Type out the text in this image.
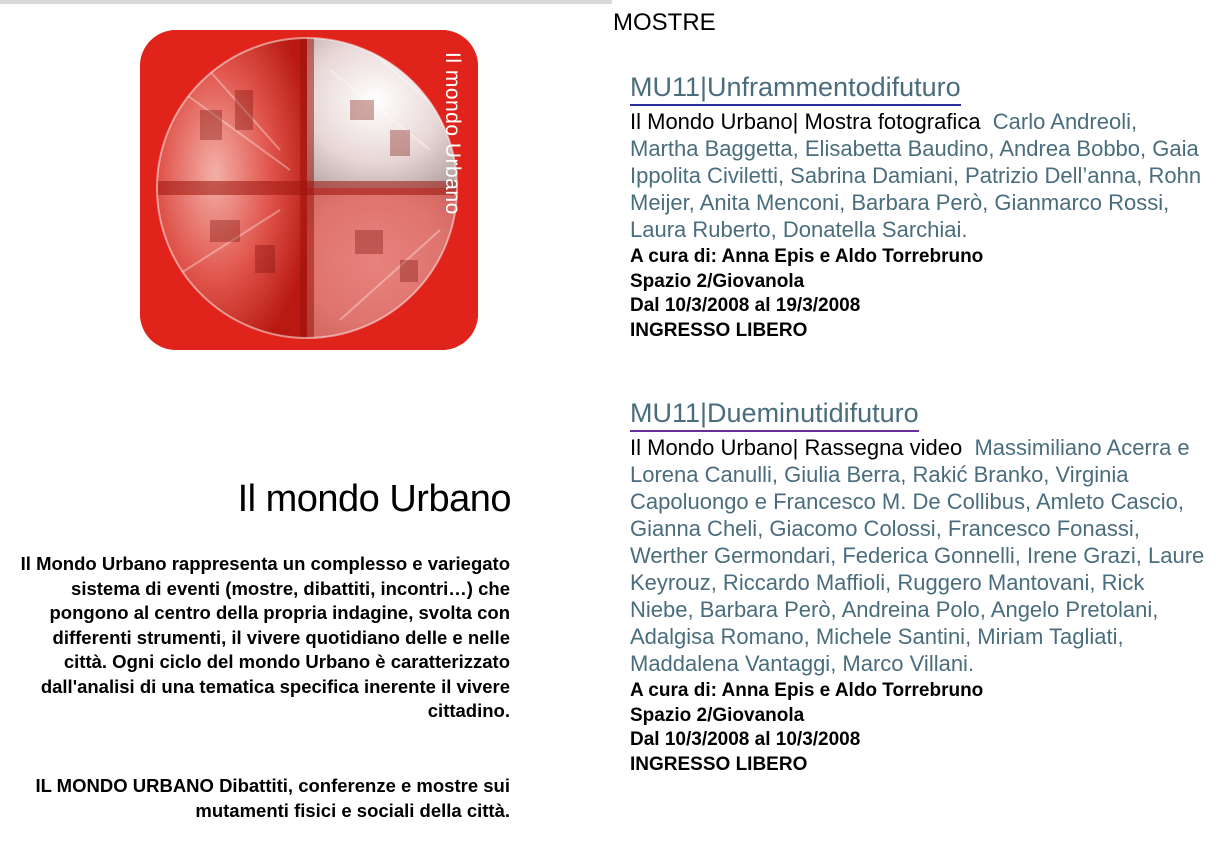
Il mondo Urbano
Il mondo Urbano

Il Mondo Urbano rappresenta un complesso e variegato sistema di eventi (mostre, dibattiti, incontri…) che pongono al centro della propria indagine, svolta con differenti strumenti, il vivere quotidiano delle e nelle città. Ogni ciclo del mondo Urbano è caratterizzato dall'analisi di una tematica specifica inerente il vivere cittadino.

IL MONDO URBANO Dibattiti, conferenze e mostre sui mutamenti fisici e sociali della città.

MOSTRE
MU11|Unframmentodifuturo

Il Mondo Urbano| Mostra fotografica Carlo Andreoli, Martha Baggetta, Elisabetta Baudino, Andrea Bobbo, Gaia Ippolita Civiletti, Sabrina Damiani, Patrizio Dell’anna, Rohn Meijer, Anita Menconi, Barbara Però, Gianmarco Rossi, Laura Ruberto, Donatella Sarchiai.

A cura di: Anna Epis e Aldo Torrebruno
Spazio 2/Giovanola
Dal 10/3/2008 al 19/3/2008
INGRESSO LIBERO
MU11|Dueminutidifuturo

Il Mondo Urbano| Rassegna video Massimiliano Acerra e Lorena Canulli, Giulia Berra, Rakić Branko, Virginia Capoluongo e Francesco M. De Collibus, Amleto Cascio, Gianna Cheli, Giacomo Colossi, Francesco Fonassi, Werther Germondari, Federica Gonnelli, Irene Grazi, Laure Keyrouz, Riccardo Maffioli, Ruggero Mantovani, Rick Niebe, Barbara Però, Andreina Polo, Angelo Pretolani, Adalgisa Romano, Michele Santini, Miriam Tagliati, Maddalena Vantaggi, Marco Villani.

A cura di: Anna Epis e Aldo Torrebruno
Spazio 2/Giovanola
Dal 10/3/2008 al 10/3/2008
INGRESSO LIBERO
